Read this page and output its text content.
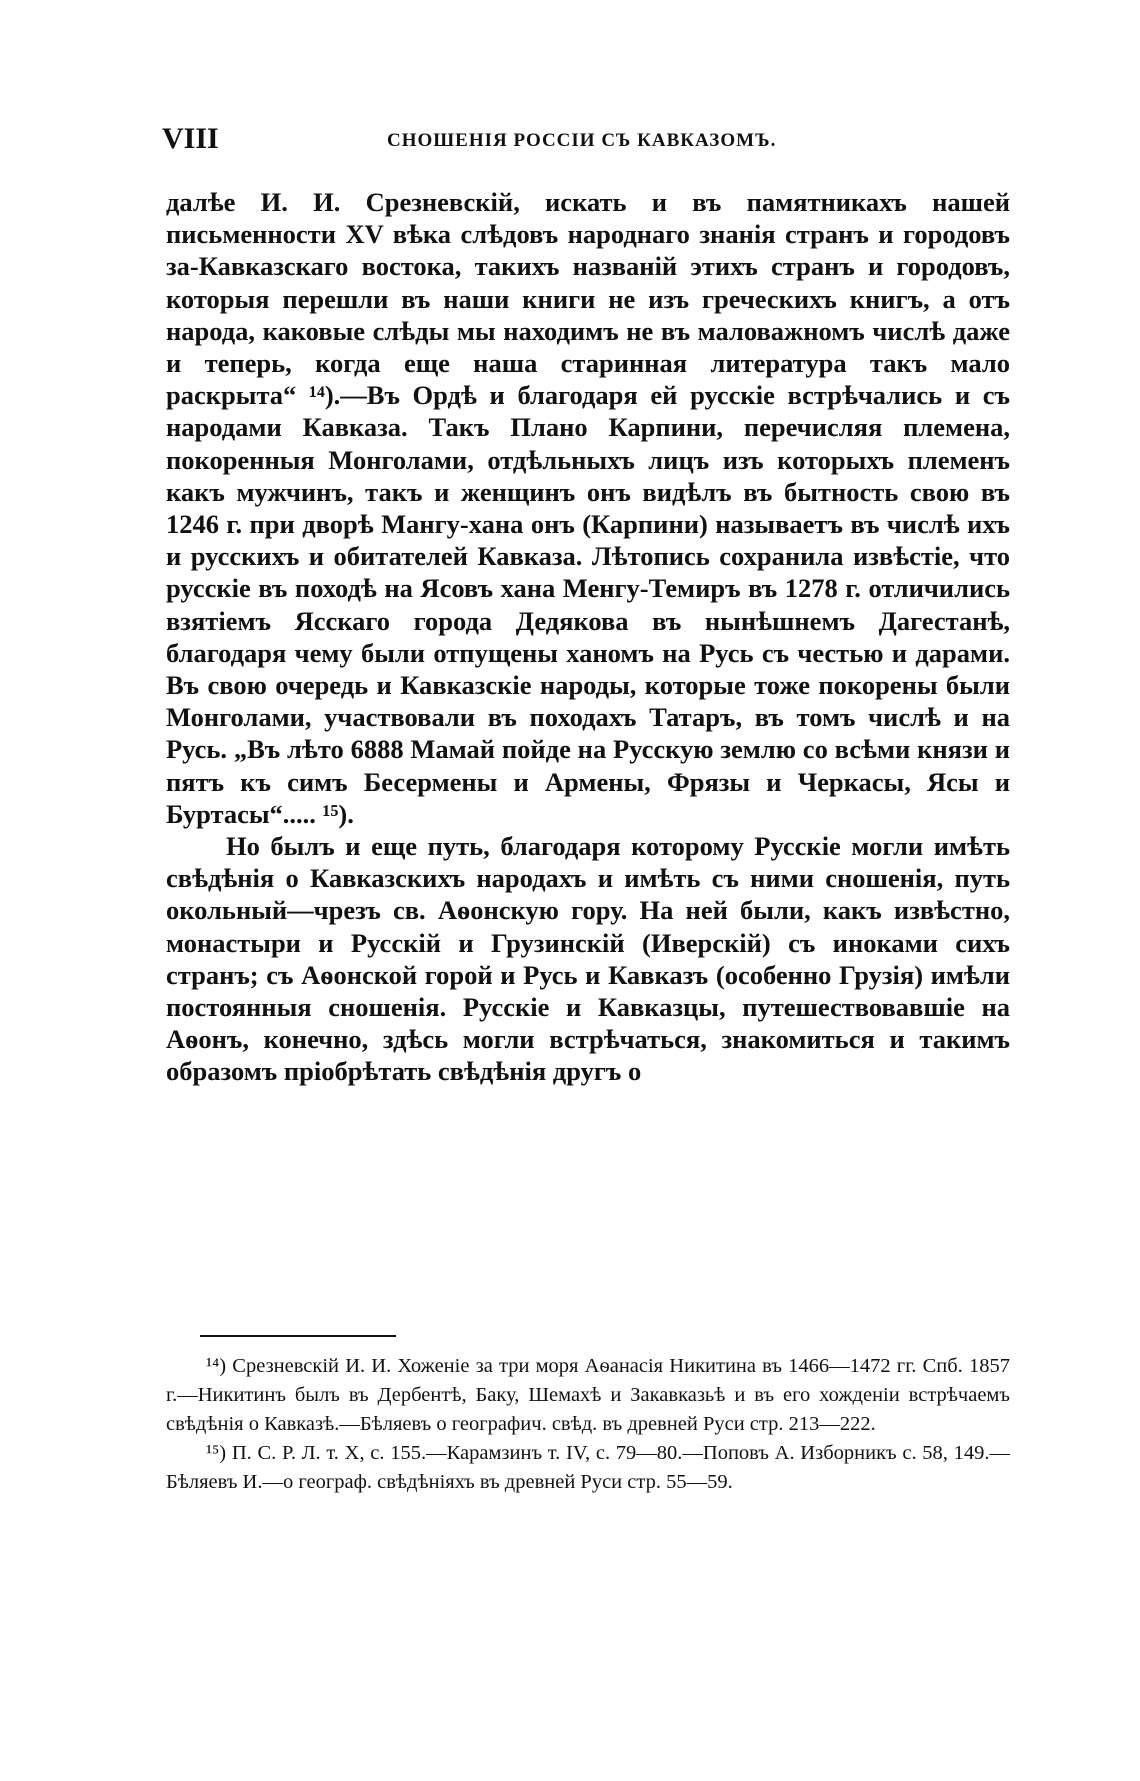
VIII	СНОШЕНІЯ РОССІИ СЪ КАВКАЗОМЪ.

далѣе И. И. Срезневскій, искать и въ памятникахъ нашей письменности XV вѣка слѣдовъ народнаго знанія странъ и городовъ за-Кавказскаго востока, такихъ названій этихъ странъ и городовъ, которыя перешли въ наши книги не изъ греческихъ книгъ, а отъ народа, каковые слѣды мы находимъ не въ маловажномъ числѣ даже и теперь, когда еще наша старинная литература такъ мало раскрыта“ ¹⁴).—Въ Ордѣ и благодаря ей русскіе встрѣчались и съ народами Кавказа. Такъ Плано Карпини, перечисляя племена, покоренныя Монголами, отдѣльныхъ лицъ изъ которыхъ племенъ какъ мужчинъ, такъ и женщинъ онъ видѣлъ въ бытность свою въ 1246 г. при дворѣ Мангу-хана онъ (Карпини) называетъ въ числѣ ихъ и русскихъ и обитателей Кавказа. Лѣтопись сохранила извѣстіе, что русскіе въ походѣ на Ясовъ хана Менгу-Темиръ въ 1278 г. отличились взятіемъ Ясскаго города Дедякова въ нынѣшнемъ Дагестанѣ, благодаря чему были отпущены ханомъ на Русь съ честью и дарами. Въ свою очередь и Кавказскіе народы, которые тоже покорены были Монголами, участвовали въ походахъ Татаръ, въ томъ числѣ и на Русь. „Въ лѣто 6888 Мамай пойде на Русскую землю со всѣми князи и пятъ къ симъ Бесермены и Армены, Фрязы и Черкасы, Ясы и Буртасы“..... ¹⁵).

Но былъ и еще путь, благодаря которому Русскіе могли имѣть свѣдѣнія о Кавказскихъ народахъ и имѣть съ ними сношенія, путь окольный—чрезъ св. Аѳонскую гору. На ней были, какъ извѣстно, монастыри и Русскій и Грузинскій (Иверскій) съ иноками сихъ странъ; съ Аѳонской горой и Русь и Кавказъ (особенно Грузія) имѣли постоянныя сношенія. Русскіе и Кавказцы, путешествовавшіе на Аѳонъ, конечно, здѣсь могли встрѣчаться, знакомиться и такимъ образомъ пріобрѣтать свѣдѣнія другъ о

¹⁴) Срезневскій И. И. Хоженіе за три моря Аѳанасія Никитина въ 1466—1472 гг. Спб. 1857 г.—Никитинъ былъ въ Дербентѣ, Баку, Шемахѣ и Закавказьѣ и въ его хожденіи встрѣчаемъ свѣдѣнія о Кавказѣ.—Бѣляевъ о географич. свѣд. въ древней Руси стр. 213—222.

¹⁵) П. С. Р. Л. т. X, с. 155.—Карамзинъ т. IV, с. 79—80.—Поповъ А. Изборникъ с. 58, 149.—Бѣляевъ И.—о географ. свѣдѣніяхъ въ древней Руси стр. 55—59.
